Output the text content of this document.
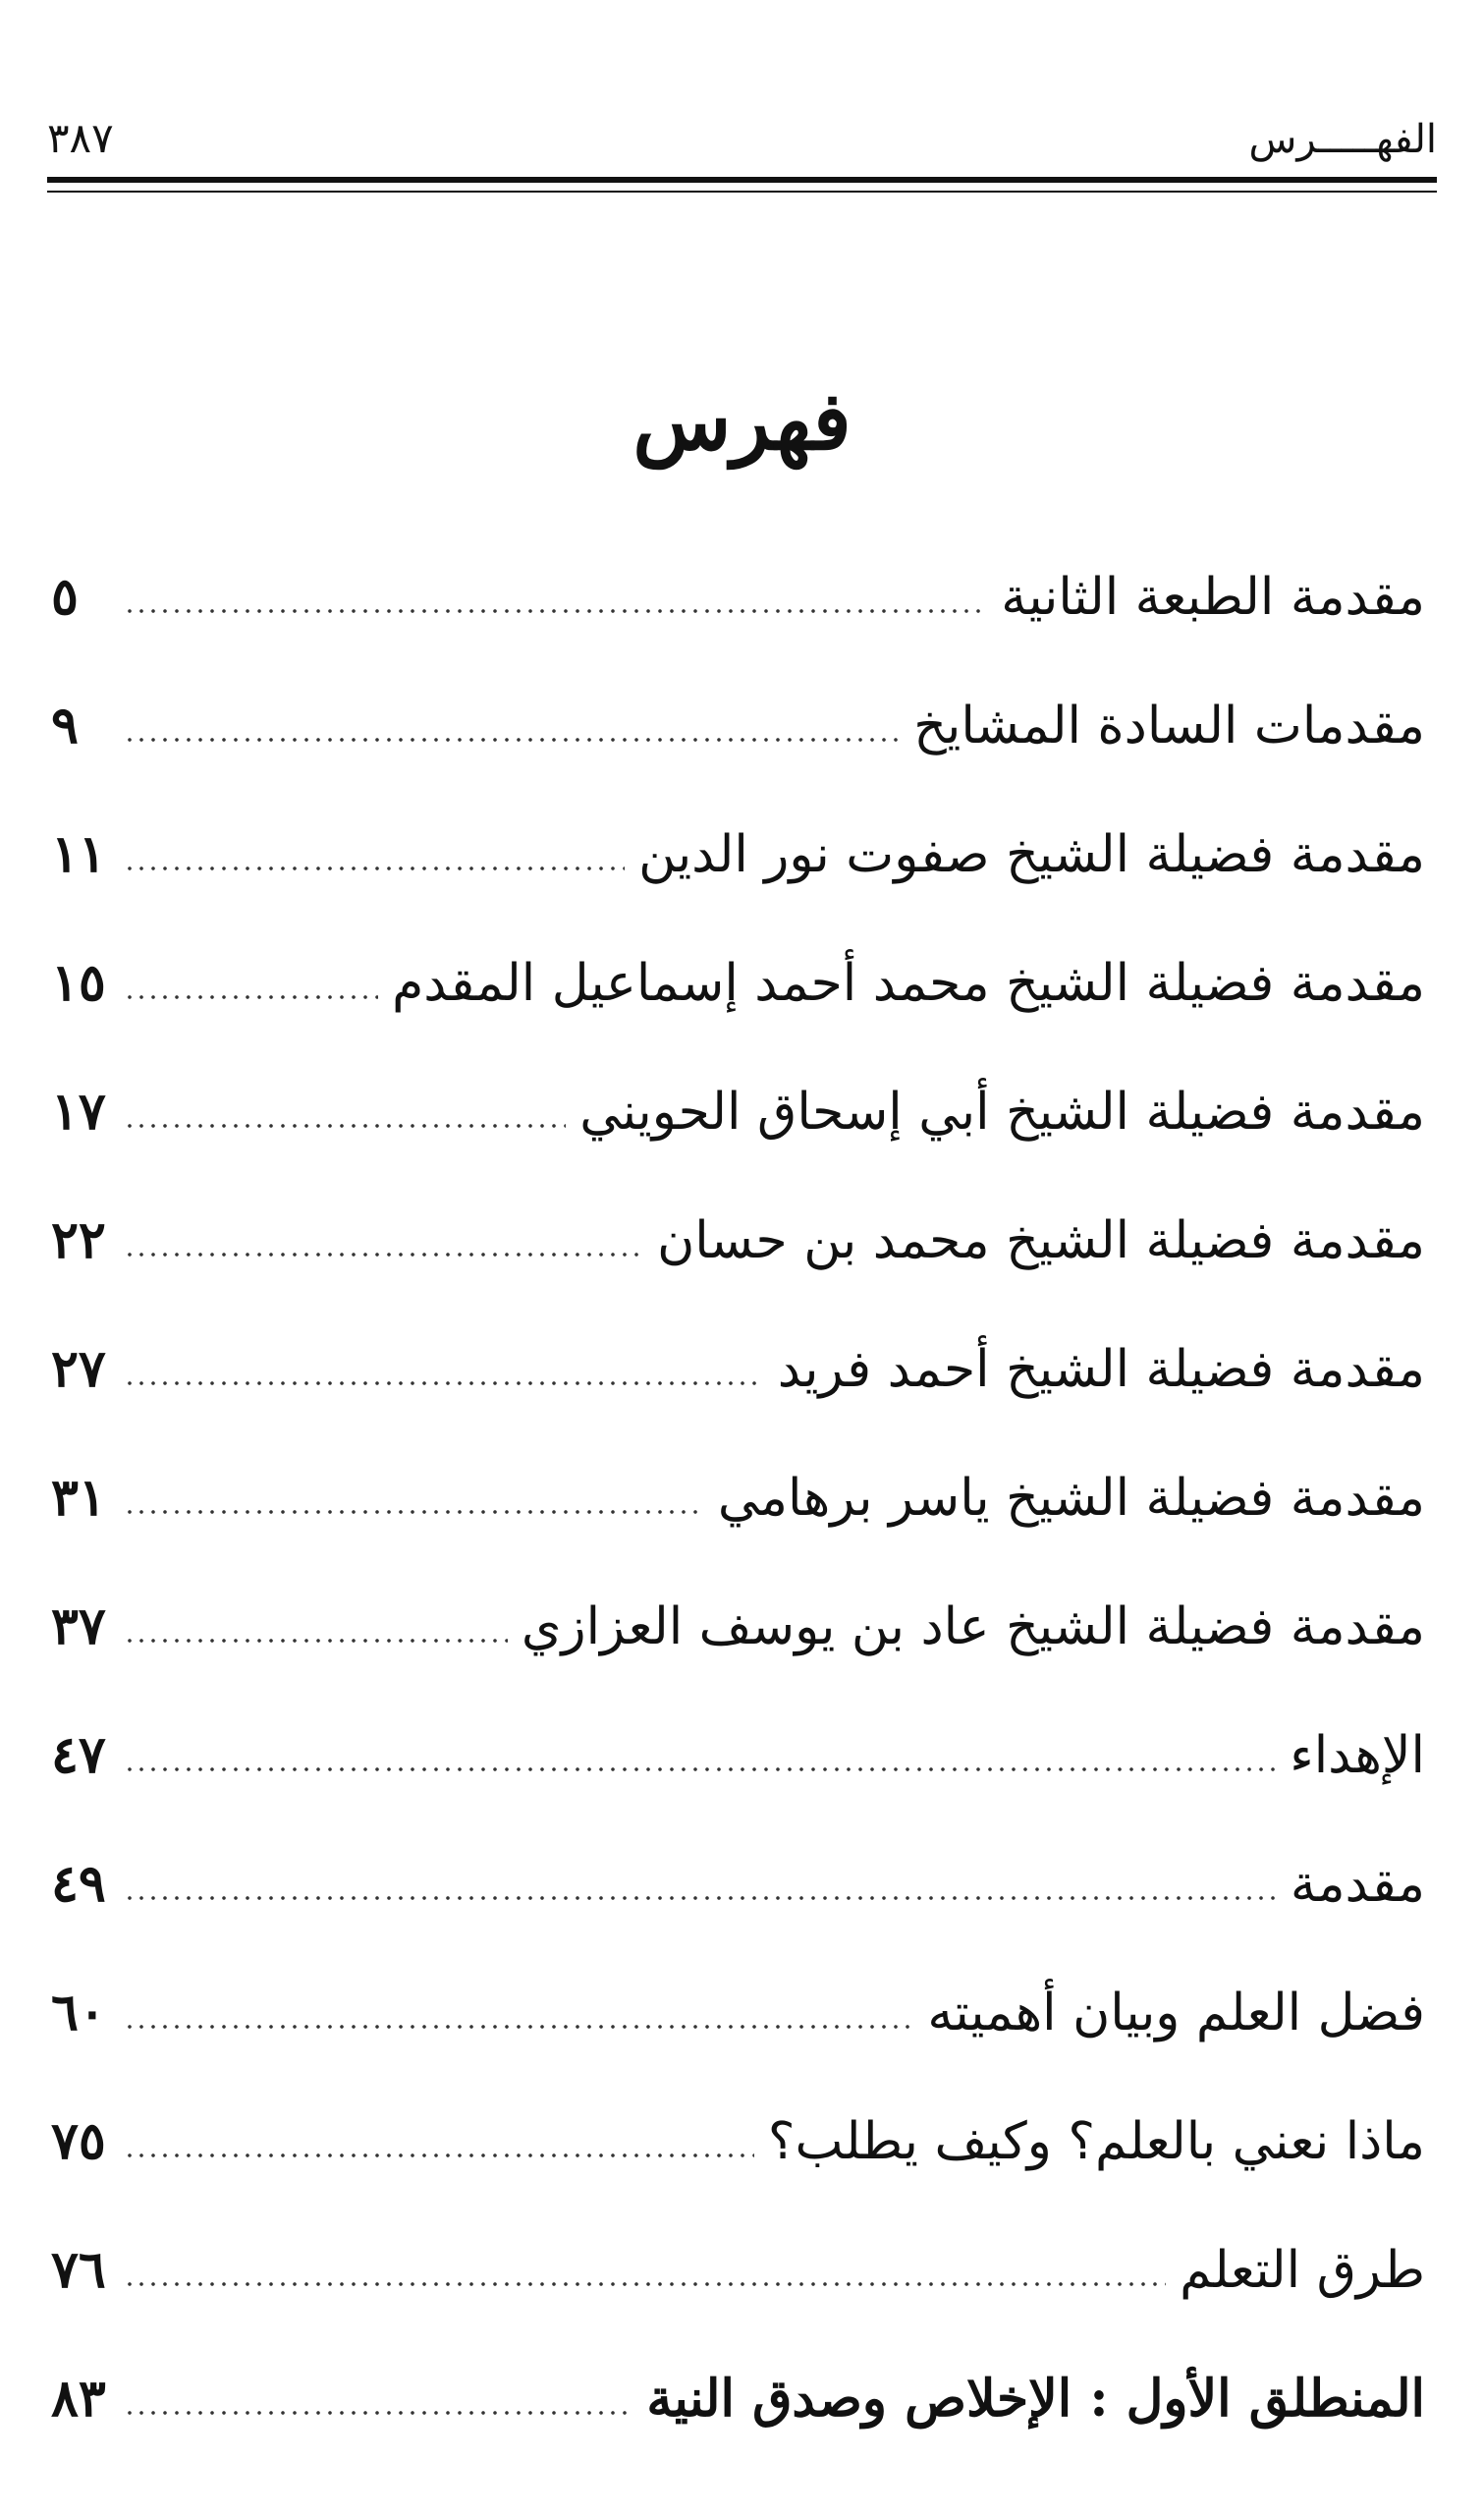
الفهـــــرس
٣٨٧
فهرس
مقدمة الطبعة الثانية
٥
مقدمات السادة المشايخ
٩
مقدمة فضيلة الشيخ صفوت نور الدين
١١
مقدمة فضيلة الشيخ محمد أحمد إسماعيل المقدم
١٥
مقدمة فضيلة الشيخ أبي إسحاق الحويني
١٧
مقدمة فضيلة الشيخ محمد بن حسان
٢٢
مقدمة فضيلة الشيخ أحمد فريد
٢٧
مقدمة فضيلة الشيخ ياسر برهامي
٣١
مقدمة فضيلة الشيخ عاد بن يوسف العزازي
٣٧
الإهداء
٤٧
مقدمة
٤٩
فضل العلم وبيان أهميته
٦٠
ماذا نعني بالعلم؟ وكيف يطلب؟
٧٥
طرق التعلم
٧٦
المنطلق الأول : الإخلاص وصدق النية
٨٣
